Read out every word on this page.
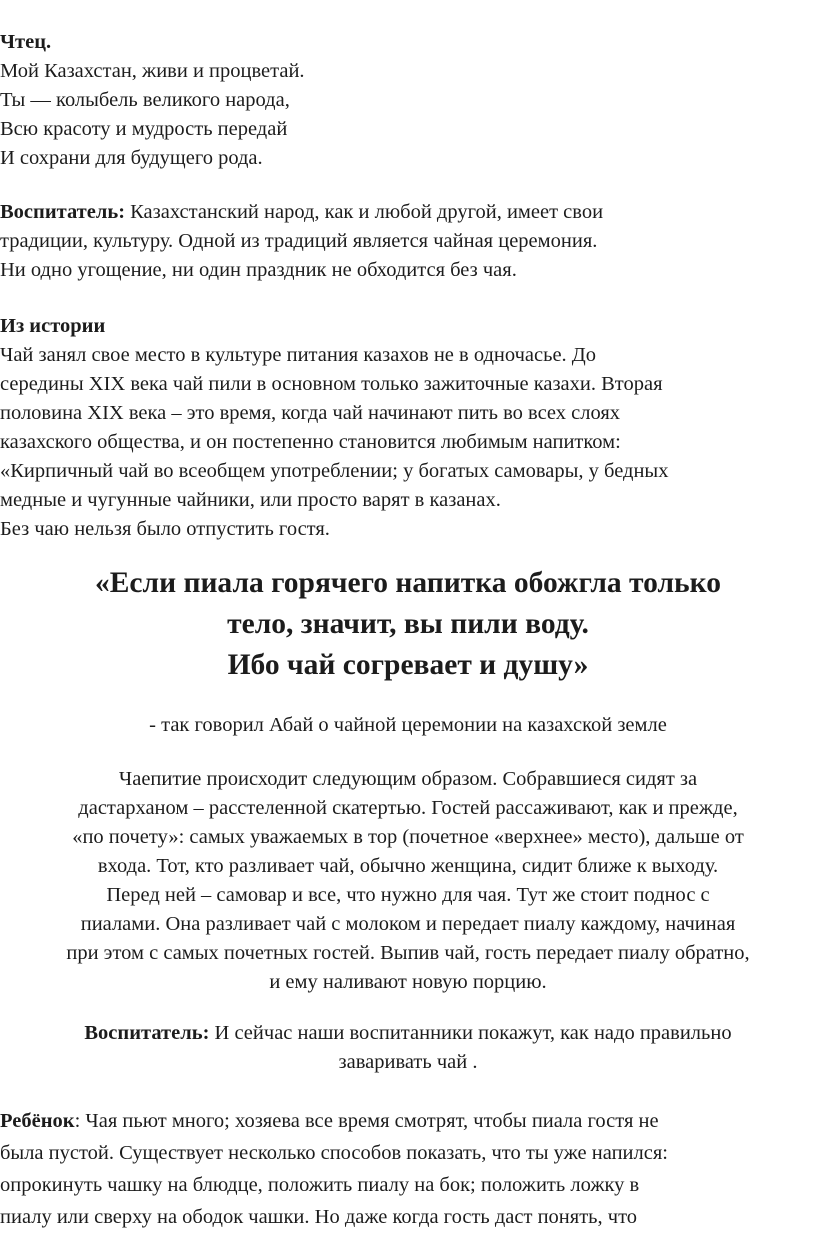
Чтец.
Мой Казахстан, живи и процветай.
Ты — колыбель великого народа,
Всю красоту и мудрость передай
И сохрани для будущего рода.
Воспитатель: Казахстанский народ, как и любой другой, имеет свои
традиции, культуру. Одной из традиций является чайная церемония.
Ни одно угощение, ни один праздник не обходится без чая.
Из истории
Чай занял свое место в культуре питания казахов не в одночасье. До
середины XIX века чай пили в основном только зажиточные казахи. Вторая
половина XIX века – это время, когда чай начинают пить во всех слоях
казахского общества, и он постепенно становится любимым напитком:
«Кирпичный чай во всеобщем употреблении; у богатых самовары, у бедных
медные и чугунные чайники, или просто варят в казанах.
Без чаю нельзя было отпустить гостя.
«Если пиала горячего напитка обожгла только
тело, значит, вы пили воду.
Ибо чай согревает и душу»
- так говорил Абай о чайной церемонии на казахской земле
Чаепитие происходит следующим образом. Собравшиеся сидят за
дастарханом – расстеленной скатертью. Гостей рассаживают, как и прежде,
«по почету»: самых уважаемых в тор (почетное «верхнее» место), дальше от
входа. Тот, кто разливает чай, обычно женщина, сидит ближе к выходу.
Перед ней – самовар и все, что нужно для чая. Тут же стоит поднос с
пиалами. Она разливает чай с молоком и передает пиалу каждому, начиная
при этом с самых почетных гостей. Выпив чай, гость передает пиалу обратно,
и ему наливают новую порцию.
Воспитатель: И сейчас наши воспитанники покажут, как надо правильно
заваривать чай .
Ребёнок: Чая пьют много; хозяева все время смотрят, чтобы пиала гостя не
была пустой. Существует несколько способов показать, что ты уже напился:
опрокинуть чашку на блюдце, положить пиалу на бок; положить ложку в
пиалу или сверху на ободок чашки. Но даже когда гость даст понять, что
